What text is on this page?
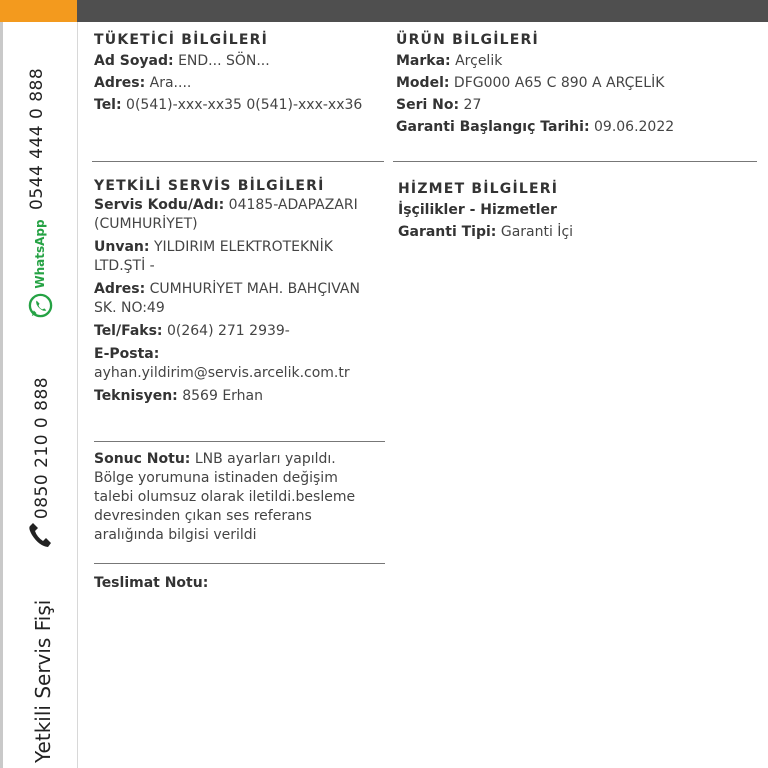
0544 444 0 888
WhatsApp
0850 210 0 888
Yetkili Servis Fişi
TÜKETİCİ BİLGİLERİ
Ad Soyad: END... SÖN...
Adres: Ara....
Tel: 0(541)-xxx-xx35 0(541)-xxx-xx36
ÜRÜN BİLGİLERİ
Marka: Arçelik
Model: DFG000 A65 C 890 A ARÇELİK
Seri No: 27
Garanti Başlangıç Tarihi: 09.06.2022
YETKİLİ SERVİS BİLGİLERİ
Servis Kodu/Adı: 04185-ADAPAZARI
(CUMHURİYET)
Unvan: YILDIRIM ELEKTROTEKNİK
LTD.ŞTİ -
Adres: CUMHURİYET MAH. BAHÇIVAN
SK. NO:49
Tel/Faks: 0(264) 271 2939-
E-Posta:
ayhan.yildirim@servis.arcelik.com.tr
Teknisyen: 8569 Erhan
HİZMET BİLGİLERİ
İşçilikler - Hizmetler
Garanti Tipi: Garanti İçi
Sonuc Notu: LNB ayarları yapıldı.
Bölge yorumuna istinaden değişim
talebi olumsuz olarak iletildi.besleme
devresinden çıkan ses referans
aralığında bilgisi verildi
Teslimat Notu:
